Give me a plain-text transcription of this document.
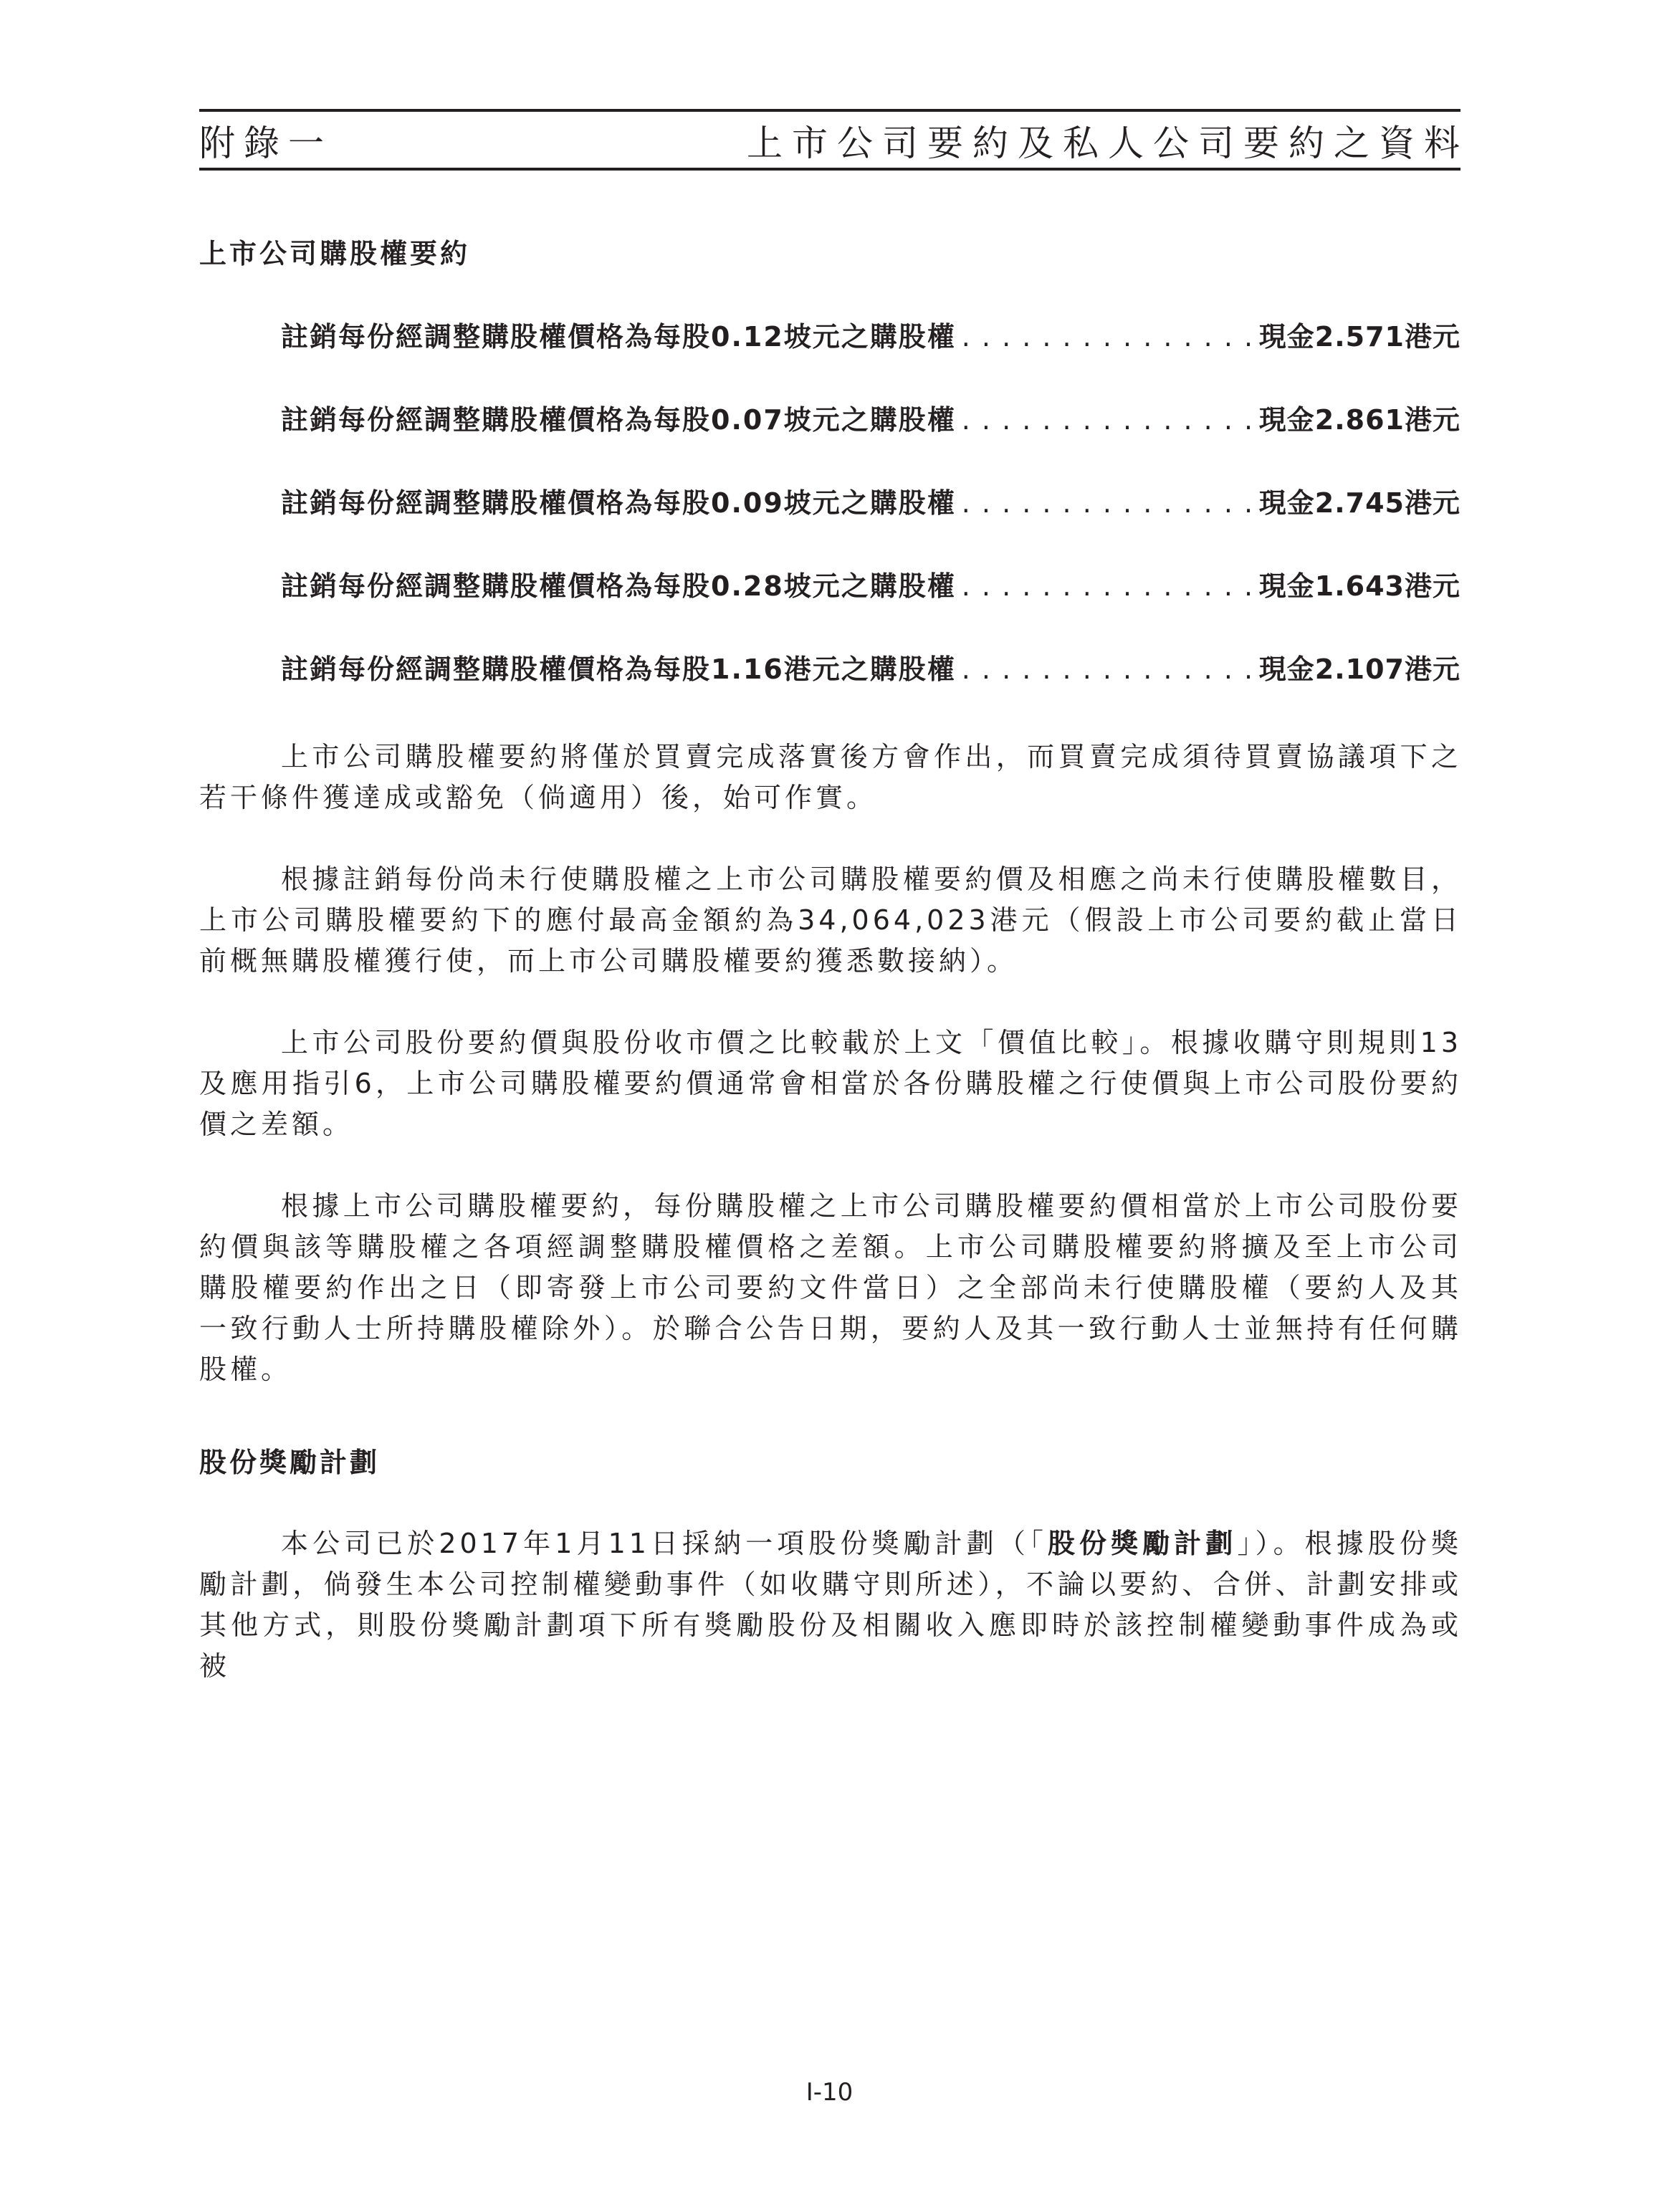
附錄一	上市公司要約及私人公司要約之資料
上市公司購股權要約
註銷每份經調整購股權價格為每股0.12坡元之購股權 . . .	現金2.571港元
註銷每份經調整購股權價格為每股0.07坡元之購股權 . . .	現金2.861港元
註銷每份經調整購股權價格為每股0.09坡元之購股權 . . .	現金2.745港元
註銷每份經調整購股權價格為每股0.28坡元之購股權 . . .	現金1.643港元
註銷每份經調整購股權價格為每股1.16港元之購股權 . . .	現金2.107港元

上市公司購股權要約將僅於買賣完成落實後方會作出，而買賣完成須待買賣協議項下之若干條件獲達成或豁免（倘適用）後，始可作實。

根據註銷每份尚未行使購股權之上市公司購股權要約價及相應之尚未行使購股權數目，上市公司購股權要約下的應付最高金額約為34,064,023港元（假設上市公司要約截止當日前概無購股權獲行使，而上市公司購股權要約獲悉數接納）。

上市公司股份要約價與股份收市價之比較載於上文「價值比較」。根據收購守則規則13及應用指引6，上市公司購股權要約價通常會相當於各份購股權之行使價與上市公司股份要約價之差額。

根據上市公司購股權要約，每份購股權之上市公司購股權要約價相當於上市公司股份要約價與該等購股權之各項經調整購股權價格之差額。上市公司購股權要約將擴及至上市公司購股權要約作出之日（即寄發上市公司要約文件當日）之全部尚未行使購股權（要約人及其一致行動人士所持購股權除外）。於聯合公告日期，要約人及其一致行動人士並無持有任何購股權。

股份獎勵計劃

本公司已於2017年1月11日採納一項股份獎勵計劃（「股份獎勵計劃」）。根據股份獎勵計劃，倘發生本公司控制權變動事件（如收購守則所述），不論以要約、合併、計劃安排或其他方式，則股份獎勵計劃項下所有獎勵股份及相關收入應即時於該控制權變動事件成為或被

I-10
